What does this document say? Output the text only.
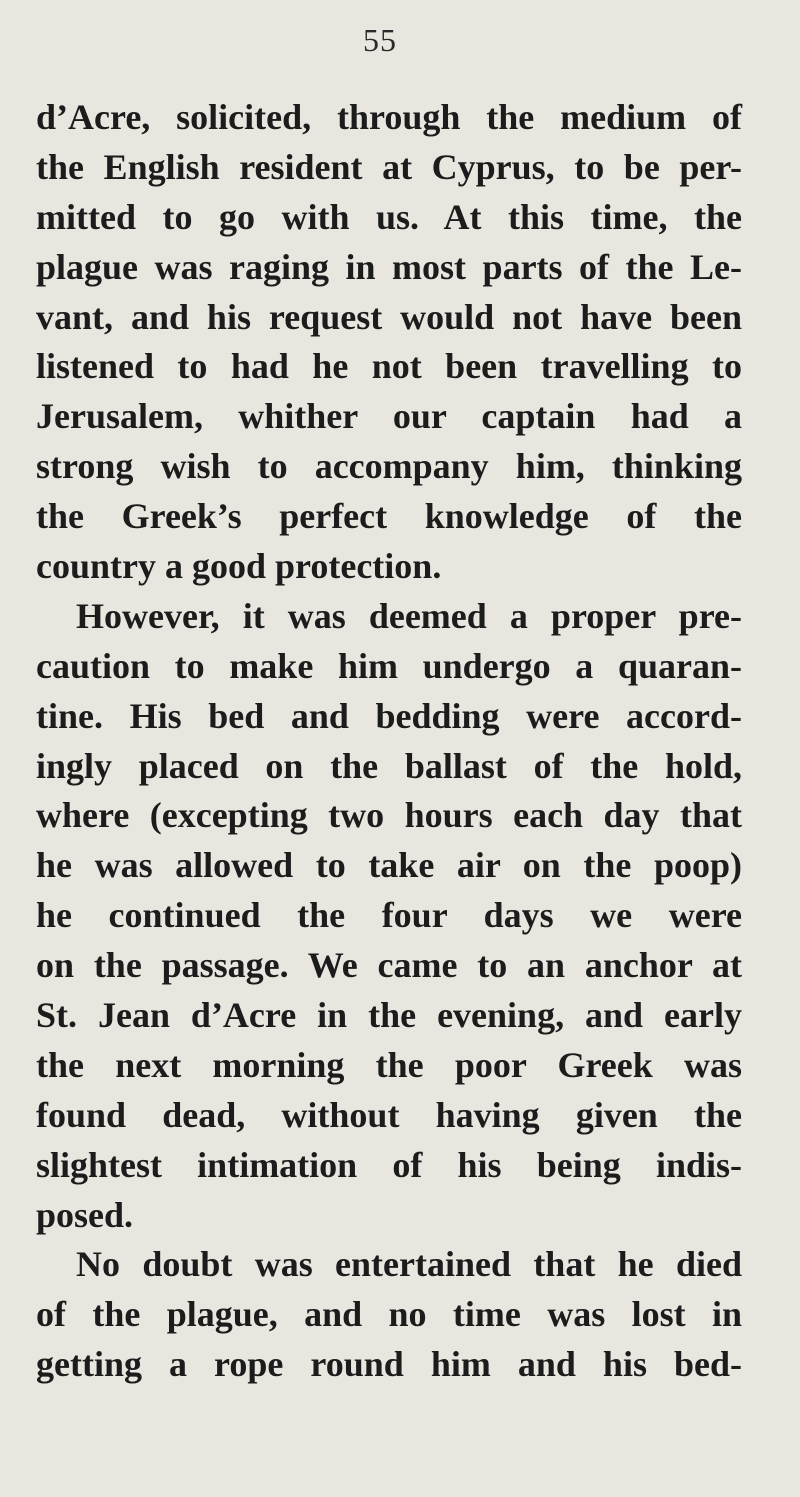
55
d’Acre, solicited, through the medium of
the English resident at Cyprus, to be per-
mitted to go with us. At this time, the
plague was raging in most parts of the Le-
vant, and his request would not have been
listened to had he not been travelling to
Jerusalem, whither our captain had a
strong wish to accompany him, thinking
the Greek’s perfect knowledge of the
country a good protection.
However, it was deemed a proper pre-
caution to make him undergo a quaran-
tine. His bed and bedding were accord-
ingly placed on the ballast of the hold,
where (excepting two hours each day that
he was allowed to take air on the poop)
he continued the four days we were
on the passage. We came to an anchor at
St. Jean d’Acre in the evening, and early
the next morning the poor Greek was
found dead, without having given the
slightest intimation of his being indis-
posed.
No doubt was entertained that he died
of the plague, and no time was lost in
getting a rope round him and his bed-
